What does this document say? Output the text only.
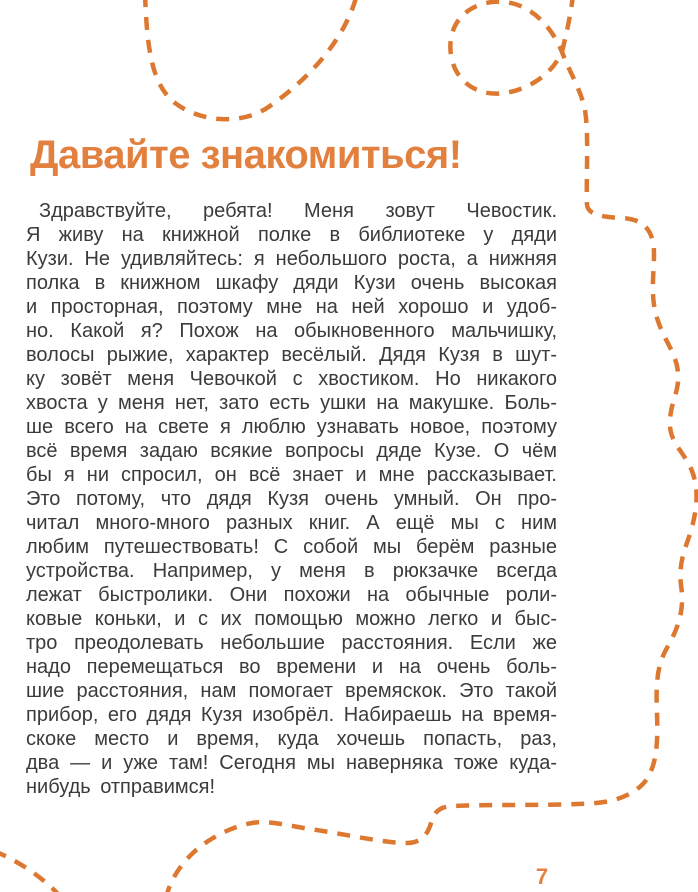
Давайте знакомиться!
Здравствуйте, ребята! Меня зовут Чевостик.
Я живу на книжной полке в библиотеке у дяди
Кузи. Не удивляйтесь: я небольшого роста, а нижняя
полка в книжном шкафу дяди Кузи очень высокая
и просторная, поэтому мне на ней хорошо и удоб-
но. Какой я? Похож на обыкновенного мальчишку,
волосы рыжие, характер весёлый. Дядя Кузя в шут-
ку зовёт меня Чевочкой с хвостиком. Но никакого
хвоста у меня нет, зато есть ушки на макушке. Боль-
ше всего на свете я люблю узнавать новое, поэтому
всё время задаю всякие вопросы дяде Кузе. О чём
бы я ни спросил, он всё знает и мне рассказывает.
Это потому, что дядя Кузя очень умный. Он про-
читал много-много разных книг. А ещё мы с ним
любим путешествовать! С собой мы берём разные
устройства. Например, у меня в рюкзачке всегда
лежат быстролики. Они похожи на обычные роли-
ковые коньки, и с их помощью можно легко и быс-
тро преодолевать небольшие расстояния. Если же
надо перемещаться во времени и на очень боль-
шие расстояния, нам помогает времяскок. Это такой
прибор, его дядя Кузя изобрёл. Набираешь на время-
скоке место и время, куда хочешь попасть, раз,
два — и уже там! Сегодня мы наверняка тоже куда-
нибудь отправимся!
7
